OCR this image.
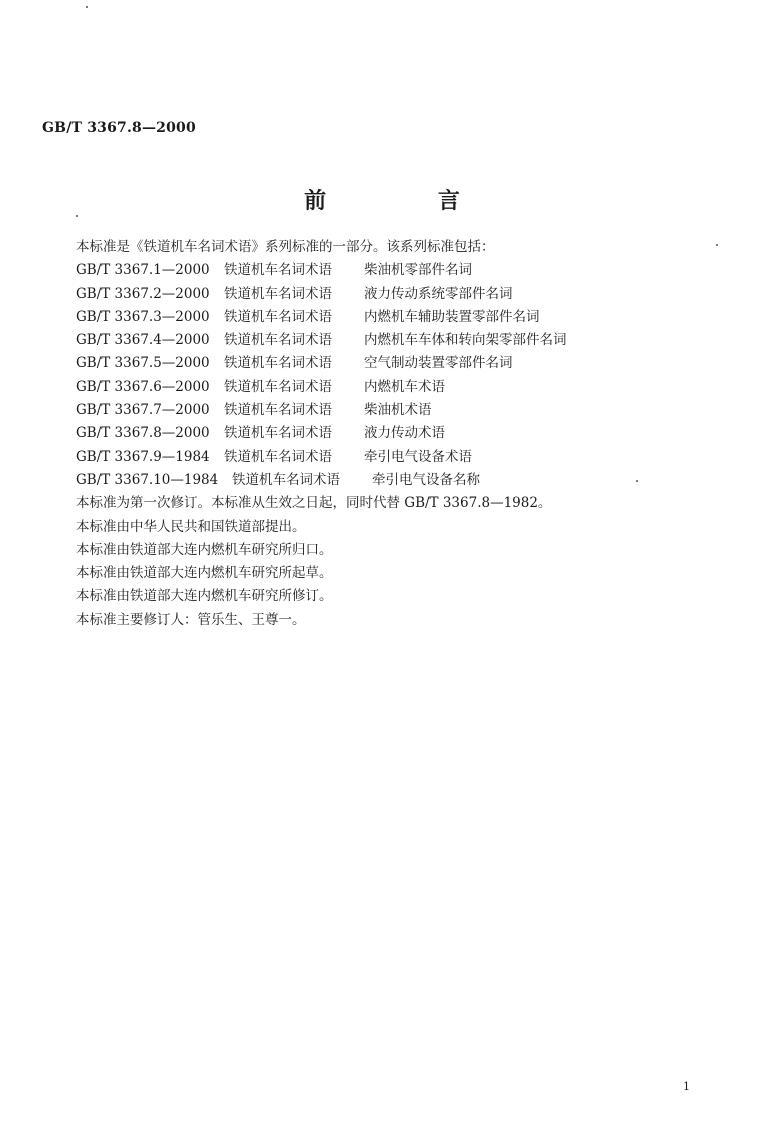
GB/T 3367.8—2000
前 言
本标准是《铁道机车名词术语》系列标准的一部分。该系列标准包括：
GB/T 3367.1—2000	铁道机车名词术语	柴油机零部件名词
GB/T 3367.2—2000	铁道机车名词术语	液力传动系统零部件名词
GB/T 3367.3—2000	铁道机车名词术语	内燃机车辅助装置零部件名词
GB/T 3367.4—2000	铁道机车名词术语	内燃机车车体和转向架零部件名词
GB/T 3367.5—2000	铁道机车名词术语	空气制动装置零部件名词
GB/T 3367.6—2000	铁道机车名词术语	内燃机车术语
GB/T 3367.7—2000	铁道机车名词术语	柴油机术语
GB/T 3367.8—2000	铁道机车名词术语	液力传动术语
GB/T 3367.9—1984	铁道机车名词术语	牵引电气设备术语
GB/T 3367.10—1984	铁道机车名词术语	牵引电气设备名称
本标准为第一次修订。本标准从生效之日起，同时代替 GB/T 3367.8—1982。
本标准由中华人民共和国铁道部提出。
本标准由铁道部大连内燃机车研究所归口。
本标准由铁道部大连内燃机车研究所起草。
本标准由铁道部大连内燃机车研究所修订。
本标准主要修订人：管乐生、王尊一。
1
